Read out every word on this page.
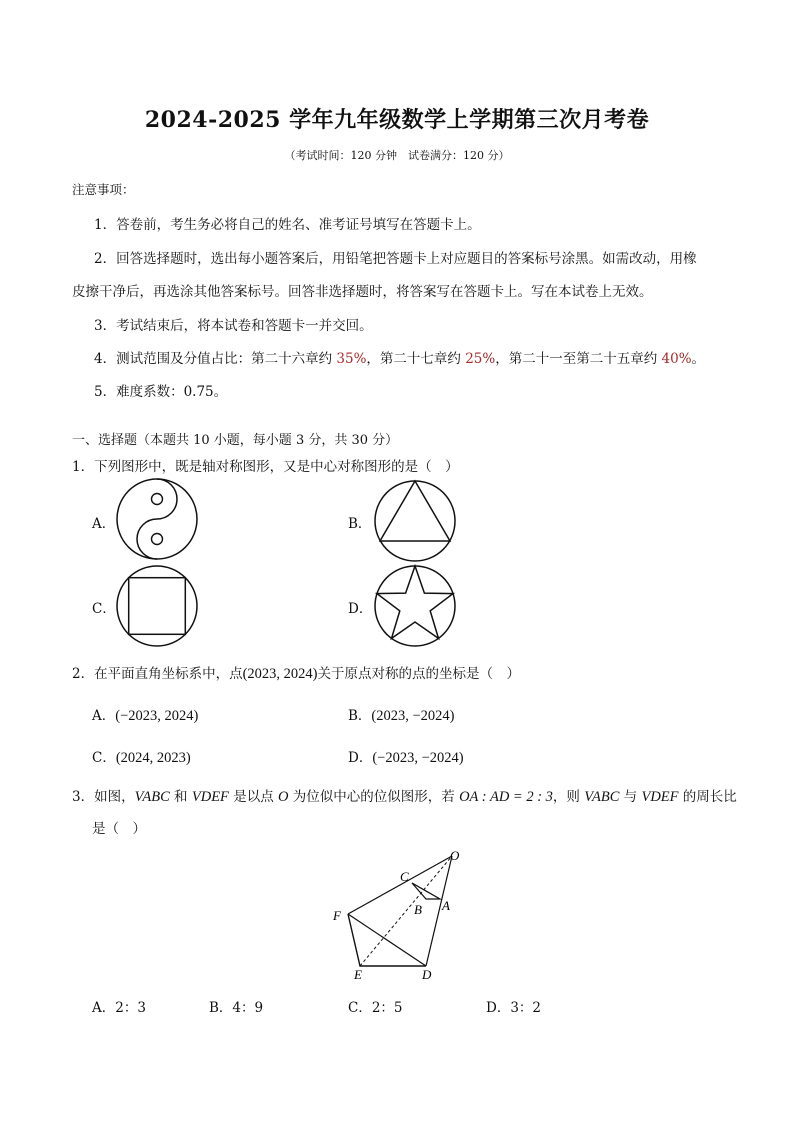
2024-2025 学年九年级数学上学期第三次月考卷
（考试时间：120 分钟　试卷满分：120 分）
注意事项：
1．答卷前，考生务必将自己的姓名、准考证号填写在答题卡上。
2．回答选择题时，选出每小题答案后，用铅笔把答题卡上对应题目的答案标号涂黑。如需改动，用橡
皮擦干净后，再选涂其他答案标号。回答非选择题时，将答案写在答题卡上。写在本试卷上无效。
3．考试结束后，将本试卷和答题卡一并交回。
4．测试范围及分值占比：第二十六章约 35%，第二十七章约 25%，第二十一至第二十五章约 40%。
5．难度系数：0.75。
一、选择题（本题共 10 小题，每小题 3 分，共 30 分）
1．下列图形中，既是轴对称图形，又是中心对称图形的是（　）
A．	B．
C．	D．
2．在平面直角坐标系中，点(2023, 2024)关于原点对称的点的坐标是（　）
A．(−2023, 2024)	B．(2023, −2024)
C．(2024, 2023)	D．(−2023, −2024)
3．如图，VABC 和 VDEF 是以点 O 为位似中心的位似图形，若 OA : AD = 2 : 3，则 VABC 与 VDEF 的周长比
是（　）
O
C
A
B
F
E	D
A．2：3	B．4：9	C．2：5	D．3：2
